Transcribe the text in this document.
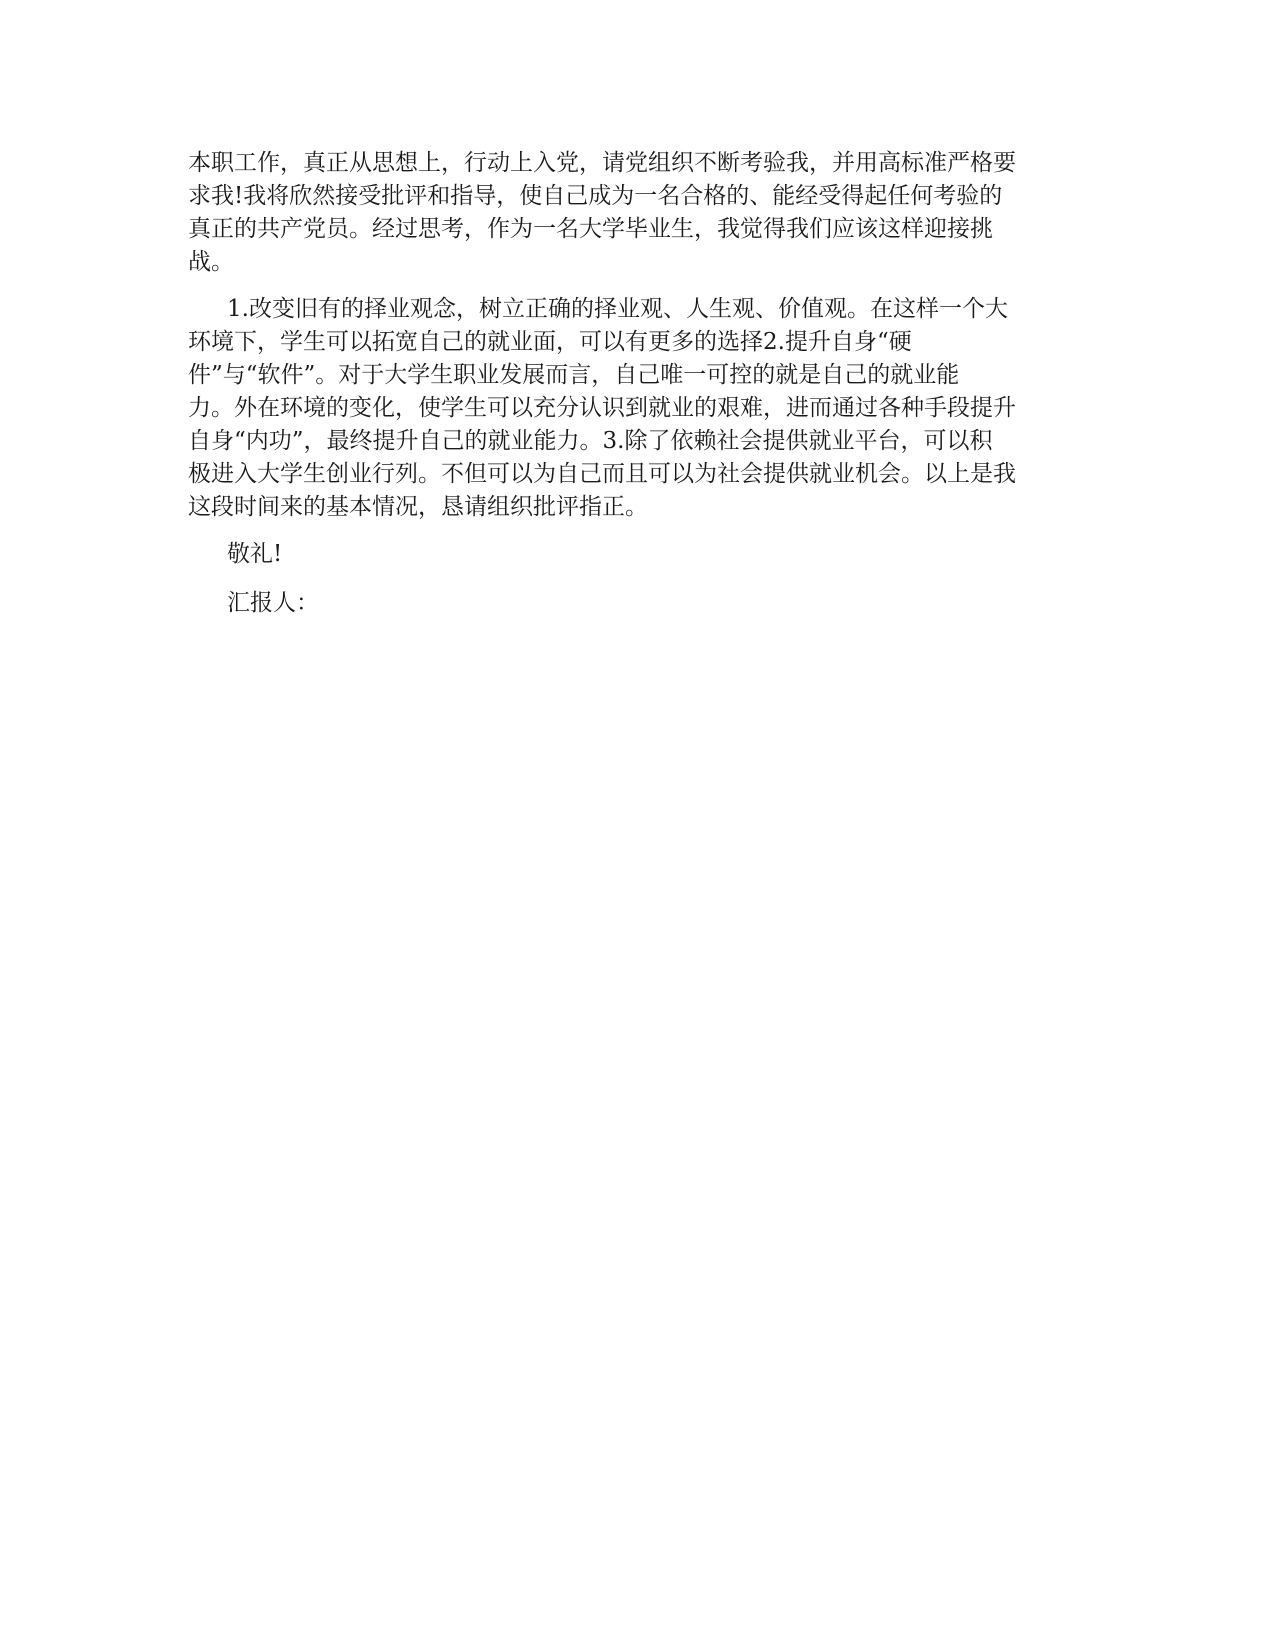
本职工作，真正从思想上，行动上入党，请党组织不断考验我，并用高标准严格要
求我!我将欣然接受批评和指导，使自己成为一名合格的、能经受得起任何考验的
真正的共产党员。经过思考，作为一名大学毕业生，我觉得我们应该这样迎接挑
战。
1.改变旧有的择业观念，树立正确的择业观、人生观、价值观。在这样一个大
环境下，学生可以拓宽自己的就业面，可以有更多的选择2.提升自身“硬
件”与“软件”。对于大学生职业发展而言，自己唯一可控的就是自己的就业能
力。外在环境的变化，使学生可以充分认识到就业的艰难，进而通过各种手段提升
自身“内功”，最终提升自己的就业能力。3.除了依赖社会提供就业平台，可以积
极进入大学生创业行列。不但可以为自己而且可以为社会提供就业机会。以上是我
这段时间来的基本情况，恳请组织批评指正。
敬礼!
汇报人：
